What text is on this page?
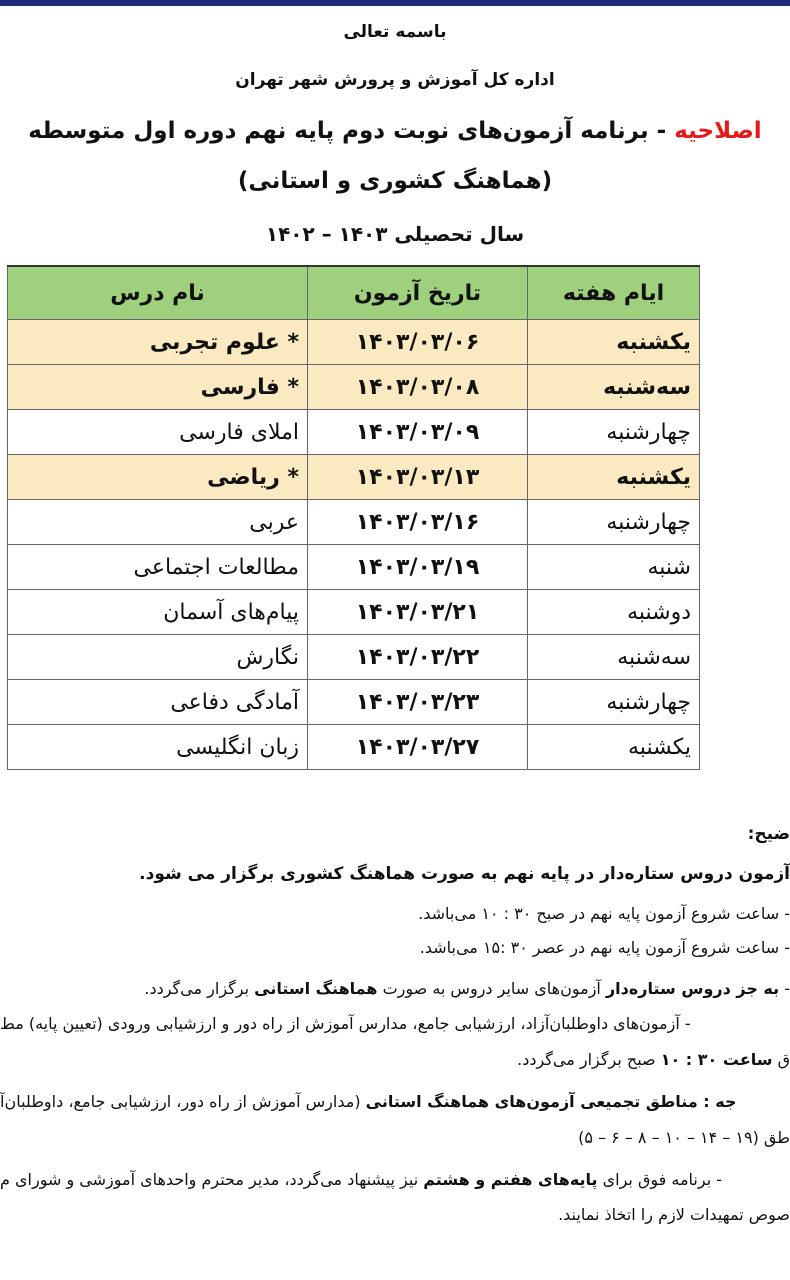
باسمه تعالی
اداره کل آموزش و پرورش شهر تهران
اصلاحیه - برنامه آزمون‌های نوبت دوم پایه نهم دوره اول متوسطه
(هماهنگ کشوری و استانی)
سال تحصیلی ۱۴۰۳ – ۱۴۰۲
ایام هفته	تاریخ آزمون	نام درس
یکشنبه	۱۴۰۳/۰۳/۰۶	* علوم تجربی
سه‌شنبه	۱۴۰۳/۰۳/۰۸	* فارسی
چهارشنبه	۱۴۰۳/۰۳/۰۹	املای فارسی
یکشنبه	۱۴۰۳/۰۳/۱۳	* ریاضی
چهارشنبه	۱۴۰۳/۰۳/۱۶	عربی
شنبه	۱۴۰۳/۰۳/۱۹	مطالعات اجتماعی
دوشنبه	۱۴۰۳/۰۳/۲۱	پیام‌های آسمان
سه‌شنبه	۱۴۰۳/۰۳/۲۲	نگارش
چهارشنبه	۱۴۰۳/۰۳/۲۳	آمادگی دفاعی
یکشنبه	۱۴۰۳/۰۳/۲۷	زبان انگلیسی
ضیح:
آزمون دروس ستاره‌دار در پایه نهم به صورت هماهنگ کشوری برگزار می شود.
- ساعت شروع آزمون پایه نهم در صبح ۳۰ : ۱۰ می‌باشد.
- ساعت شروع آزمون پایه نهم در عصر ۳۰ :۱۵ می‌باشد.
- به جز دروس ستاره‌دار آزمون‌های سایر دروس به صورت هماهنگ استانی برگزار می‌گردد.
- آزمون‌های داوطلبان‌آزاد، ارزشیابی جامع، مدارس آموزش از راه دور و ارزشیابی ورودی (تعیین پایه) مط
ق ساعت ۳۰ : ۱۰ صبح برگزار می‌گردد.
جه : مناطق تجمیعی آزمون‌های هماهنگ استانی (مدارس آموزش از راه دور، ارزشیابی جامع، داوطلبان‌آ
طق (۱۹ – ۱۴ – ۱۰ – ۸ – ۶ – ۵)
- برنامه فوق برای پایه‌های هفتم و هشتم نیز پیشنهاد می‌گردد، مدیر محترم واحدهای آموزشی و شورای م
صوص تمهیدات لازم را اتخاذ نمایند.
